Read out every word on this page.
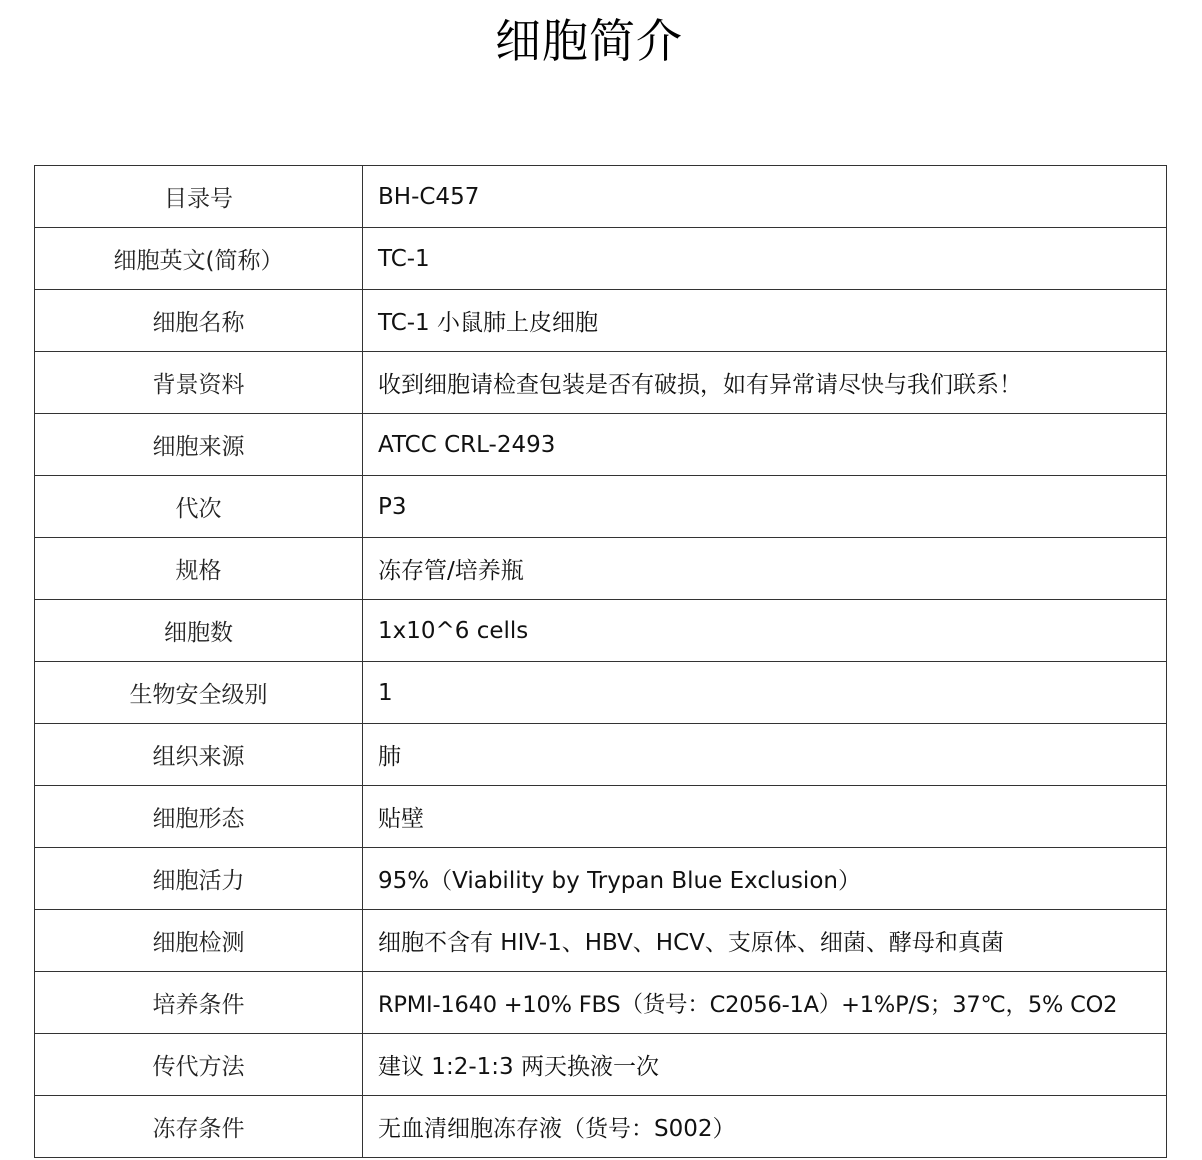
细胞简介
目录号	BH-C457
细胞英文(简称）	TC-1
细胞名称	TC-1 小鼠肺上皮细胞
背景资料	收到细胞请检查包装是否有破损，如有异常请尽快与我们联系！
细胞来源	ATCC CRL-2493
代次	P3
规格	冻存管/培养瓶
细胞数	1x10^6 cells
生物安全级别	1
组织来源	肺
细胞形态	贴壁
细胞活力	95%（Viability by Trypan Blue Exclusion）
细胞检测	细胞不含有 HIV-1、HBV、HCV、支原体、细菌、酵母和真菌
培养条件	RPMI-1640 +10% FBS（货号：C2056-1A）+1%P/S；37℃，5% CO2
传代方法	建议 1:2-1:3 两天换液一次
冻存条件	无血清细胞冻存液（货号：S002）
